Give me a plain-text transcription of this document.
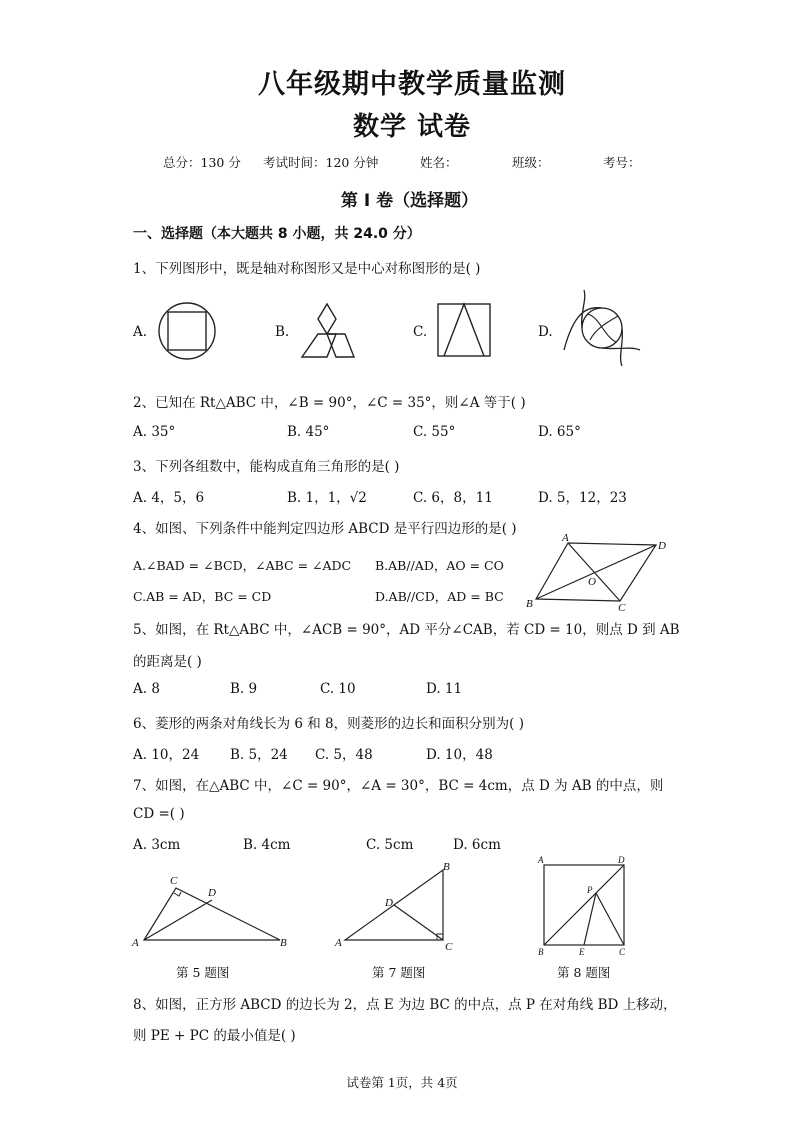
八年级期中教学质量监测
数学 试卷
总分：130 分 考试时间：120 分钟	姓名：	班级：	考号：
第 I 卷（选择题）
一、选择题（本大题共 8 小题，共 24.0 分）
1、下列图形中，既是轴对称图形又是中心对称图形的是( )
A.	B.	C.	D.
2、已知在 Rt△ABC 中，∠B = 90°，∠C = 35°，则∠A 等于( )
A. 35°	B. 45°	C. 55°	D. 65°
3、下列各组数中，能构成直角三角形的是( )
A. 4，5，6	B. 1，1，√2	C. 6，8，11	D. 5，12，23
4、如图、下列条件中能判定四边形 ABCD 是平行四边形的是( )
A.∠BAD = ∠BCD，∠ABC = ∠ADC B.AB//AD，AO = CO
C.AB = AD，BC = CD	D.AB//CD，AD = BC
A
D
C
B
O
5、如图，在 Rt△ABC 中，∠ACB = 90°，AD 平分∠CAB，若 CD = 10，则点 D 到 AB
的距离是( )
A. 8	B. 9	C. 10	D. 11
6、菱形的两条对角线长为 6 和 8，则菱形的边长和面积分别为( )
A. 10，24 B. 5，24 C. 5，48	D. 10，48
7、如图，在△ABC 中，∠C = 90°，∠A = 30°，BC = 4cm，点 D 为 AB 的中点，则
CD =( )
A. 3cm	B. 4cm	C. 5cm	D. 6cm
C
D
A	B
第 5 题图
B
D
A	C
第 7 题图
A	D
P
B	E	C
第 8 题图
8、如图，正方形 ABCD 的边长为 2，点 E 为边 BC 的中点，点 P 在对角线 BD 上移动，
则 PE + PC 的最小值是( )
试卷第 1页，共 4页
